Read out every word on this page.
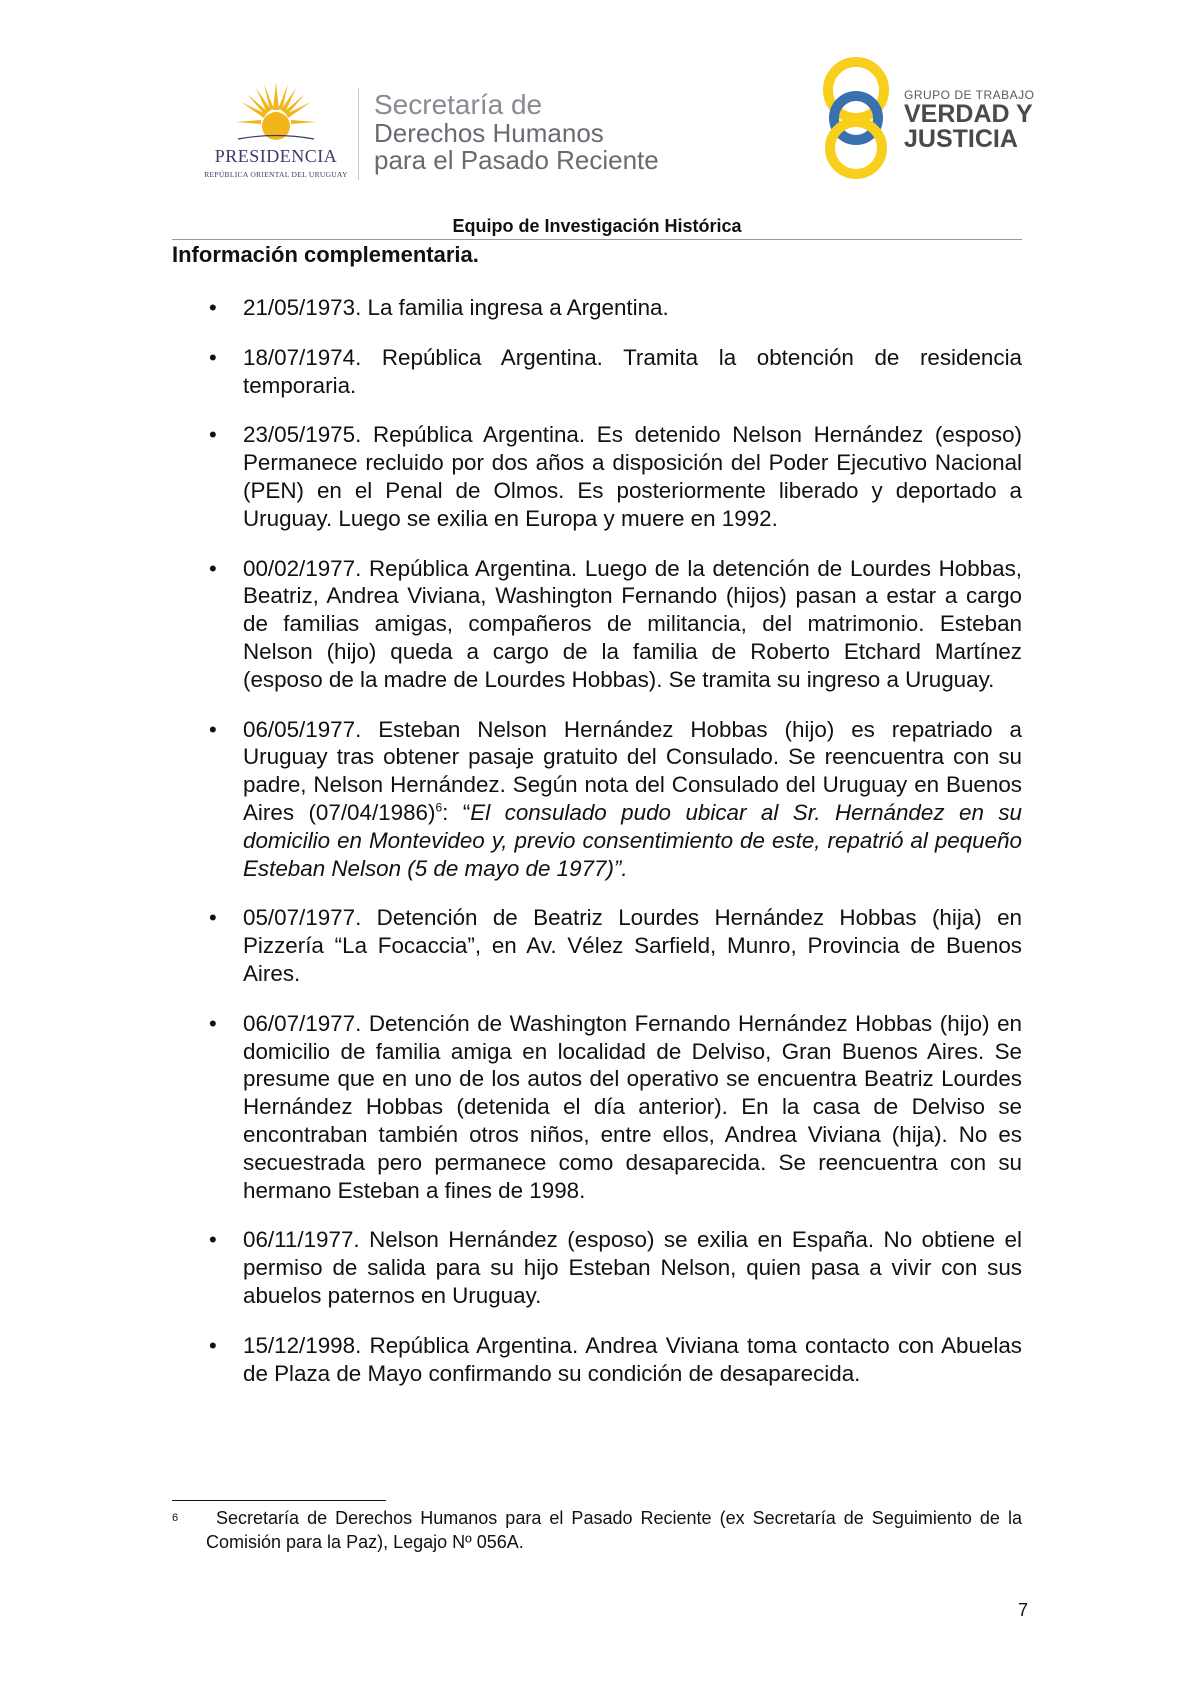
PRESIDENCIA
REPÚBLICA ORIENTAL DEL URUGUAY
Secretaría de
Derechos Humanos
para el Pasado Reciente
GRUPO DE TRABAJO
VERDAD Y
JUSTICIA
Equipo de Investigación Histórica
Información complementaria.
• 21/05/1973. La familia ingresa a Argentina.
• 18/07/1974. República Argentina. Tramita la obtención de residencia temporaria.
• 23/05/1975. República Argentina. Es detenido Nelson Hernández (esposo) Permanece recluido por dos años a disposición del Poder Ejecutivo Nacional (PEN) en el Penal de Olmos. Es posteriormente liberado y deportado a Uruguay. Luego se exilia en Europa y muere en 1992.
• 00/02/1977. República Argentina. Luego de la detención de Lourdes Hobbas, Beatriz, Andrea Viviana, Washington Fernando (hijos) pasan a estar a cargo de familias amigas, compañeros de militancia, del matrimonio. Esteban Nelson (hijo) queda a cargo de la familia de Roberto Etchard Martínez (esposo de la madre de Lourdes Hobbas). Se tramita su ingreso a Uruguay.
• 06/05/1977. Esteban Nelson Hernández Hobbas (hijo) es repatriado a Uruguay tras obtener pasaje gratuito del Consulado. Se reencuentra con su padre, Nelson Hernández. Según nota del Consulado del Uruguay en Buenos Aires $(07/04/1986)^6$: “El consulado pudo ubicar al Sr. Hernández en su domicilio en Montevideo y, previo consentimiento de este, repatrió al pequeño Esteban Nelson (5 de mayo de 1977)”.
• 05/07/1977. Detención de Beatriz Lourdes Hernández Hobbas (hija) en Pizzería “La Focaccia”, en Av. Vélez Sarfield, Munro, Provincia de Buenos Aires.
• 06/07/1977. Detención de Washington Fernando Hernández Hobbas (hijo) en domicilio de familia amiga en localidad de Delviso, Gran Buenos Aires. Se presume que en uno de los autos del operativo se encuentra Beatriz Lourdes Hernández Hobbas (detenida el día anterior). En la casa de Delviso se encontraban también otros niños, entre ellos, Andrea Viviana (hija). No es secuestrada pero permanece como desaparecida. Se reencuentra con su hermano Esteban a fines de 1998.
• 06/11/1977. Nelson Hernández (esposo) se exilia en España. No obtiene el permiso de salida para su hijo Esteban Nelson, quien pasa a vivir con sus abuelos paternos en Uruguay.
• 15/12/1998. República Argentina. Andrea Viviana toma contacto con Abuelas de Plaza de Mayo confirmando su condición de desaparecida.
6	Secretaría de Derechos Humanos para el Pasado Reciente (ex Secretaría de Seguimiento de la Comisión para la Paz), Legajo Nº 056A.
7
